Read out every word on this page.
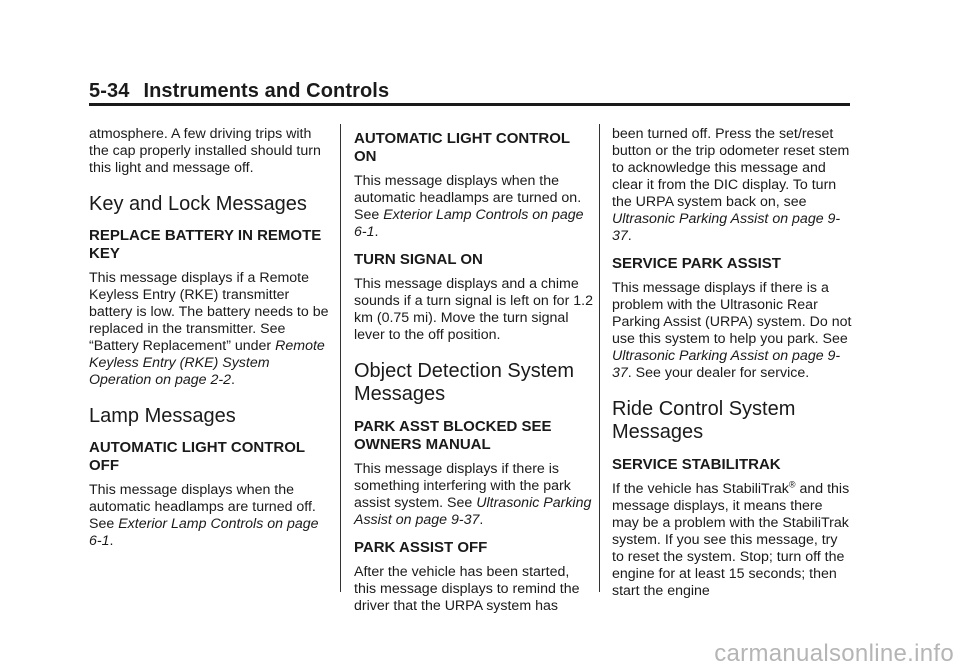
5-34 Instruments and Controls

atmosphere. A few driving trips with the cap properly installed should turn this light and message off.

Key and Lock Messages
REPLACE BATTERY IN REMOTE KEY

This message displays if a Remote Keyless Entry (RKE) transmitter battery is low. The battery needs to be replaced in the transmitter. See “Battery Replacement” under Remote Keyless Entry (RKE) System Operation on page 2-2.

Lamp Messages
AUTOMATIC LIGHT CONTROL OFF

This message displays when the automatic headlamps are turned off. See Exterior Lamp Controls on page 6-1.

AUTOMATIC LIGHT CONTROL ON

This message displays when the automatic headlamps are turned on. See Exterior Lamp Controls on page 6-1.

TURN SIGNAL ON

This message displays and a chime sounds if a turn signal is left on for 1.2 km (0.75 mi). Move the turn signal lever to the off position.

Object Detection System Messages
PARK ASST BLOCKED SEE OWNERS MANUAL

This message displays if there is something interfering with the park assist system. See Ultrasonic Parking Assist on page 9-37.

PARK ASSIST OFF

After the vehicle has been started, this message displays to remind the driver that the URPA system has

been turned off. Press the set/reset button or the trip odometer reset stem to acknowledge this message and clear it from the DIC display. To turn the URPA system back on, see Ultrasonic Parking Assist on page 9-37.

SERVICE PARK ASSIST

This message displays if there is a problem with the Ultrasonic Rear Parking Assist (URPA) system. Do not use this system to help you park. See Ultrasonic Parking Assist on page 9-37. See your dealer for service.

Ride Control System Messages
SERVICE STABILITRAK

If the vehicle has StabiliTrak® and this message displays, it means there may be a problem with the StabiliTrak system. If you see this message, try to reset the system. Stop; turn off the engine for at least 15 seconds; then start the engine

carmanualsonline.info
